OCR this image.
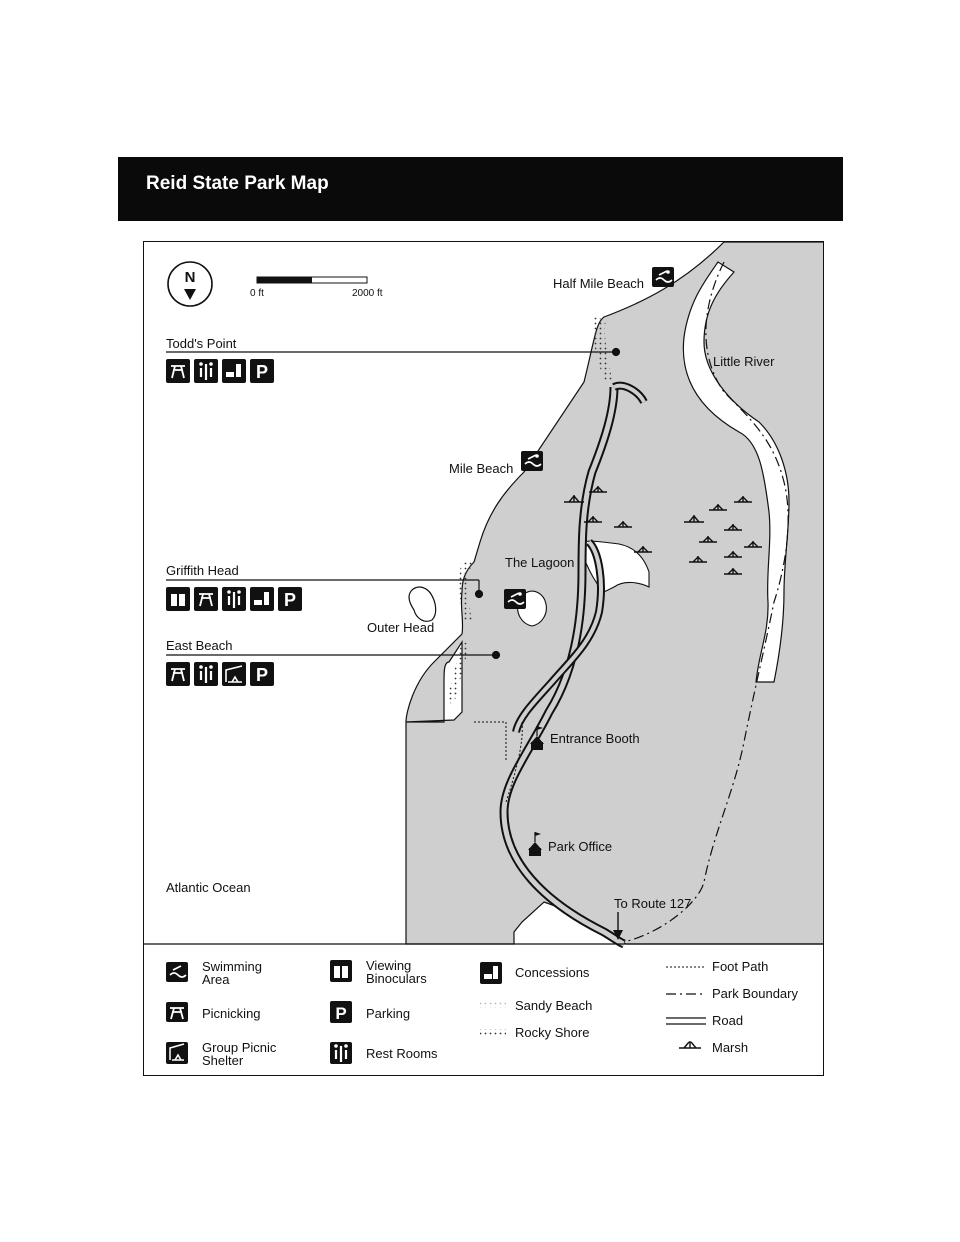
Reid State Park Map
N
0 ft	2000 ft
Todd's Point
Griffith Head
East Beach
P
P
P
Half Mile Beach
Little River
Mile Beach
The Lagoon
Outer Head
Entrance Booth
Park Office
Atlantic Ocean
To Route 127
Swimming
Area
Picnicking
Group Picnic
Shelter
Viewing
Binoculars
P Parking
Rest Rooms
Concessions
Sandy Beach
Rocky Shore
Foot Path
Park Boundary
Road
Marsh
